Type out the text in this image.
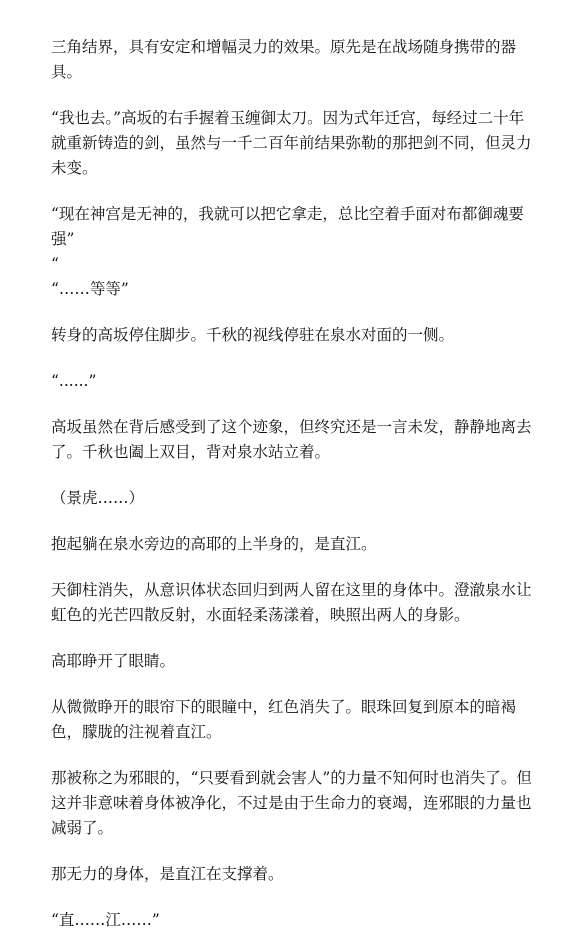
三角结界，具有安定和增幅灵力的效果。原先是在战场随身携带的器具。

“我也去。”高坂的右手握着玉缠御太刀。因为式年迁宫，每经过二十年就重新铸造的剑，虽然与一千二百年前结果弥勒的那把剑不同，但灵力未变。

“现在神宫是无神的，我就可以把它拿走，总比空着手面对布都御魂要强”

“

“……等等”

转身的高坂停住脚步。千秋的视线停驻在泉水对面的一侧。

“......”

高坂虽然在背后感受到了这个迹象，但终究还是一言未发，静静地离去了。千秋也阖上双目，背对泉水站立着。

（景虎……）

抱起躺在泉水旁边的高耶的上半身的，是直江。

天御柱消失，从意识体状态回归到两人留在这里的身体中。澄澈泉水让虹色的光芒四散反射，水面轻柔荡漾着，映照出两人的身影。

高耶睁开了眼睛。

从微微睁开的眼帘下的眼瞳中，红色消失了。眼珠回复到原本的暗褐色，朦胧的注视着直江。

那被称之为邪眼的，“只要看到就会害人”的力量不知何时也消失了。但这并非意味着身体被净化，不过是由于生命力的衰竭，连邪眼的力量也减弱了。

那无力的身体，是直江在支撑着。

“直……江……”
